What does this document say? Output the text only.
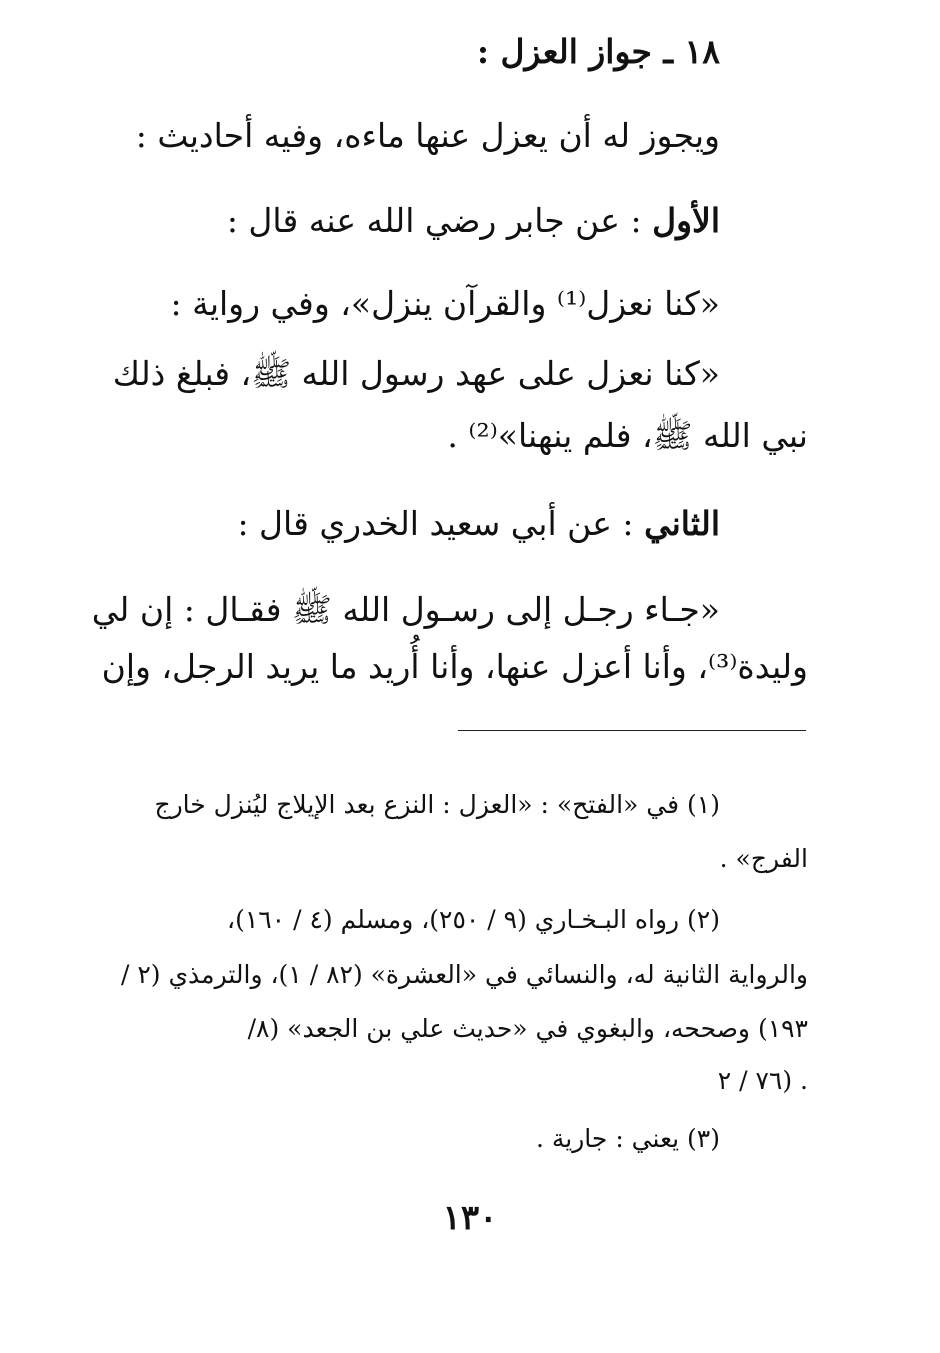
١٨ ـ جواز العزل :
ويجوز له أن يعزل عنها ماءه، وفيه أحاديث :
الأول : عن جابر رضي الله عنه قال :
«كنا نعزل⁽¹⁾ والقرآن ينزل»، وفي رواية :
«كنا نعزل على عهد رسول الله ﷺ، فبلغ ذلك
نبي الله ﷺ، فلم ينهنا»⁽²⁾ .
الثاني : عن أبي سعيد الخدري قال :
«جـاء رجـل إلى رسـول الله ﷺ فقـال : إن لي
وليدة⁽³⁾، وأنا أعزل عنها، وأنا أُريد ما يريد الرجل، وإن
(١) في «الفتح» : «العزل : النزع بعد الإيلاج ليُنزل خارج
الفرج» .
(٢) رواه البـخـاري (٩ / ٢٥٠)، ومسلم (٤ / ١٦٠)،
والرواية الثانية له، والنسائي في «العشرة» (٨٢ / ١)، والترمذي (٢ /
١٩٣) وصححه، والبغوي في «حديث علي بن الجعد» (٨/
٧٦ / ٢) .
(٣) يعني : جارية .
١٣٠
